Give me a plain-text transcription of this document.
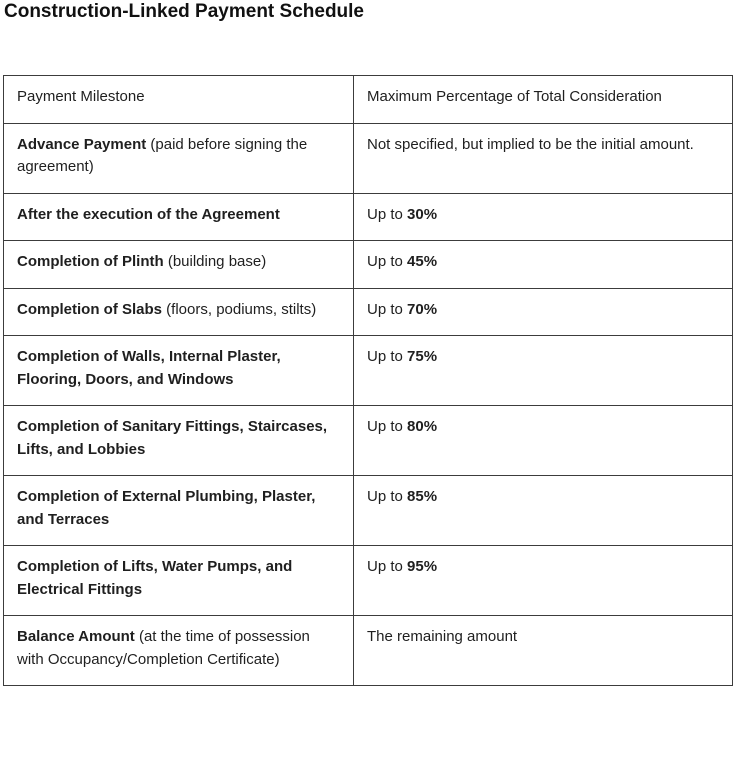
Construction-Linked Payment Schedule
Payment Milestone	Maximum Percentage of Total Consideration
Advance Payment (paid before signing the agreement)	Not specified, but implied to be the initial amount.
After the execution of the Agreement	Up to 30%
Completion of Plinth (building base)	Up to 45%
Completion of Slabs (floors, podiums, stilts)	Up to 70%
Completion of Walls, Internal Plaster, Flooring, Doors, and Windows	Up to 75%
Completion of Sanitary Fittings, Staircases, Lifts, and Lobbies	Up to 80%
Completion of External Plumbing, Plaster, and Terraces	Up to 85%
Completion of Lifts, Water Pumps, and Electrical Fittings	Up to 95%
Balance Amount (at the time of possession with Occupancy/Completion Certificate)	The remaining amount
